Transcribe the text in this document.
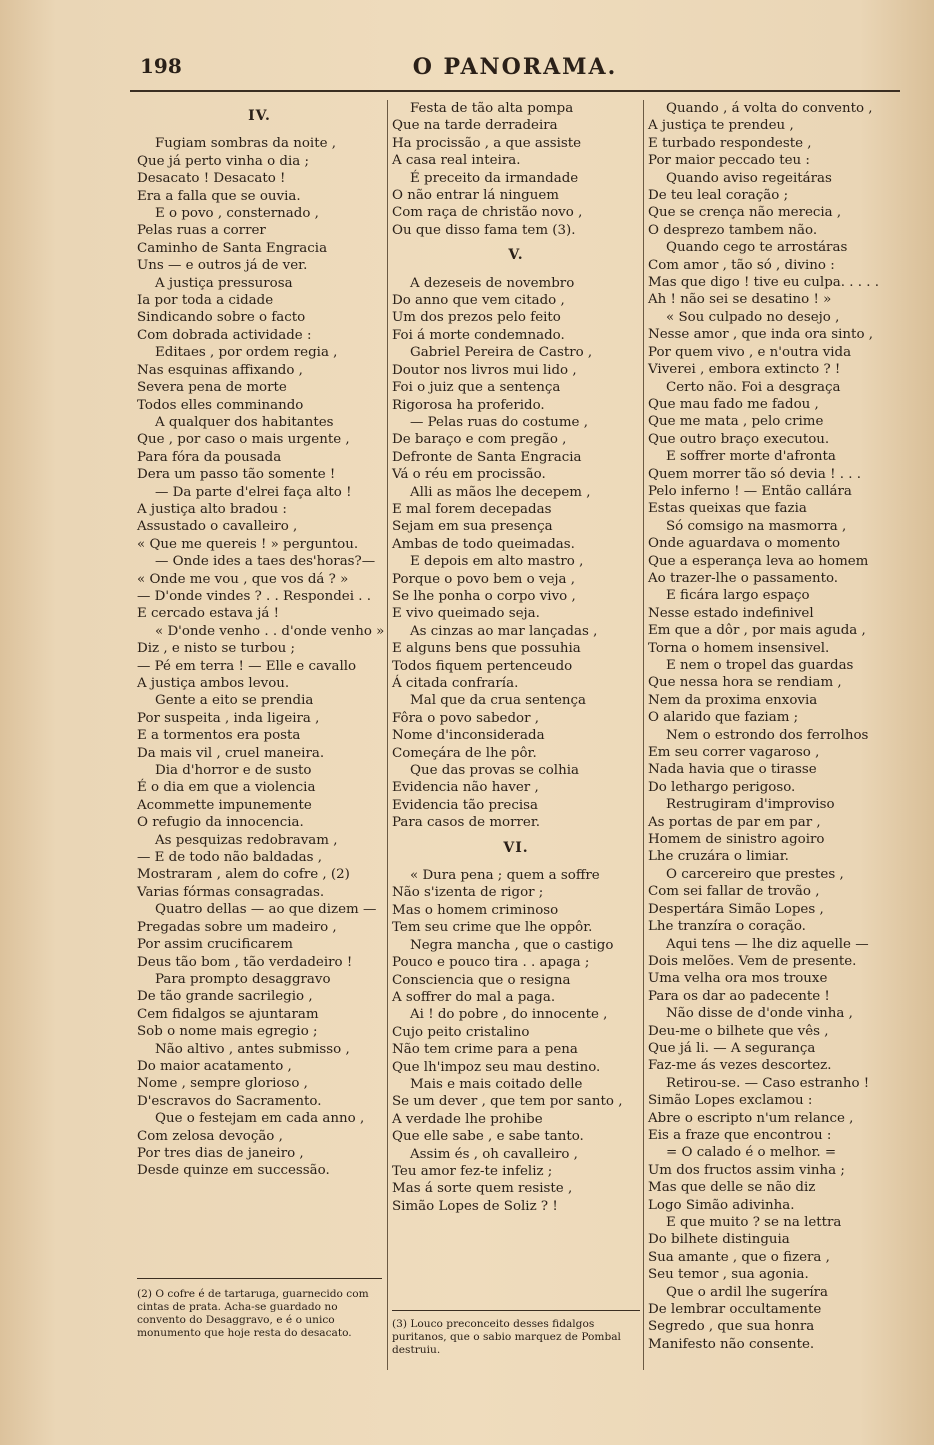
198	O PANORAMA.
IV.
Fugiam sombras da noite ,
Que já perto vinha o dia ;
Desacato ! Desacato !
Era a falla que se ouvia.
E o povo , consternado ,
Pelas ruas a correr
Caminho de Santa Engracia
Uns — e outros já de ver.
A justiça pressurosa
Ia por toda a cidade
Sindicando sobre o facto
Com dobrada actividade :
Editaes , por ordem regia ,
Nas esquinas affixando ,
Severa pena de morte
Todos elles comminando
A qualquer dos habitantes
Que , por caso o mais urgente ,
Para fóra da pousada
Dera um passo tão somente !
— Da parte d'elrei faça alto !
A justiça alto bradou :
Assustado o cavalleiro ,
« Que me quereis ! » perguntou.
— Onde ides a taes des'horas?—
« Onde me vou , que vos dá ? »
— D'onde vindes ? . . Respondei . .
E cercado estava já !
« D'onde venho . . d'onde venho »
Diz , e nisto se turbou ;
— Pé em terra ! — Elle e cavallo
A justiça ambos levou.
Gente a eito se prendia
Por suspeita , inda ligeira ,
E a tormentos era posta
Da mais vil , cruel maneira.
Dia d'horror e de susto
É o dia em que a violencia
Acommette impunemente
O refugio da innocencia.
As pesquizas redobravam ,
— E de todo não baldadas ,
Mostraram , alem do cofre , (2)
Varias fórmas consagradas.
Quatro dellas — ao que dizem —
Pregadas sobre um madeiro ,
Por assim crucificarem
Deus tão bom , tão verdadeiro !
Para prompto desaggravo
De tão grande sacrilegio ,
Cem fidalgos se ajuntaram
Sob o nome mais egregio ;
Não altivo , antes submisso ,
Do maior acatamento ,
Nome , sempre glorioso ,
D'escravos do Sacramento.
Que o festejam em cada anno ,
Com zelosa devoção ,
Por tres dias de janeiro ,
Desde quinze em successão.
Festa de tão alta pompa
Que na tarde derradeira
Ha procissão , a que assiste
A casa real inteira.
É preceito da irmandade
O não entrar lá ninguem
Com raça de christão novo ,
Ou que disso fama tem (3).
V.
A dezeseis de novembro
Do anno que vem citado ,
Um dos prezos pelo feito
Foi á morte condemnado.
Gabriel Pereira de Castro ,
Doutor nos livros mui lido ,
Foi o juiz que a sentença
Rigorosa ha proferido.
— Pelas ruas do costume ,
De baraço e com pregão ,
Defronte de Santa Engracia
Vá o réu em procissão.
Alli as mãos lhe decepem ,
E mal forem decepadas
Sejam em sua presença
Ambas de todo queimadas.
E depois em alto mastro ,
Porque o povo bem o veja ,
Se lhe ponha o corpo vivo ,
E vivo queimado seja.
As cinzas ao mar lançadas ,
E alguns bens que possuhia
Todos fiquem pertenceudo
Á citada confraría.
Mal que da crua sentença
Fôra o povo sabedor ,
Nome d'inconsiderada
Começára de lhe pôr.
Que das provas se colhia
Evidencia não haver ,
Evidencia tão precisa
Para casos de morrer.
VI.
« Dura pena ; quem a soffre
Não s'izenta de rigor ;
Mas o homem criminoso
Tem seu crime que lhe oppôr.
Negra mancha , que o castigo
Pouco e pouco tira . . apaga ;
Consciencia que o resigna
A soffrer do mal a paga.
Ai ! do pobre , do innocente ,
Cujo peito cristalino
Não tem crime para a pena
Que lh'impoz seu mau destino.
Mais e mais coitado delle
Se um dever , que tem por santo ,
A verdade lhe prohibe
Que elle sabe , e sabe tanto.
Assim és , oh cavalleiro ,
Teu amor fez-te infeliz ;
Mas á sorte quem resiste ,
Simão Lopes de Soliz ? !
Quando , á volta do convento ,
A justiça te prendeu ,
E turbado respondeste ,
Por maior peccado teu :
Quando aviso regeitáras
De teu leal coração ;
Que se crença não merecia ,
O desprezo tambem não.
Quando cego te arrostáras
Com amor , tão só , divino :
Mas que digo ! tive eu culpa. . . . .
Ah ! não sei se desatino ! »
« Sou culpado no desejo ,
Nesse amor , que inda ora sinto ,
Por quem vivo , e n'outra vida
Viverei , embora extincto ? !
Certo não. Foi a desgraça
Que mau fado me fadou ,
Que me mata , pelo crime
Que outro braço executou.
E soffrer morte d'afronta
Quem morrer tão só devia ! . . .
Pelo inferno ! — Então callára
Estas queixas que fazia
Só comsigo na masmorra ,
Onde aguardava o momento
Que a esperança leva ao homem
Ao trazer-lhe o passamento.
E ficára largo espaço
Nesse estado indefinivel
Em que a dôr , por mais aguda ,
Torna o homem insensivel.
E nem o tropel das guardas
Que nessa hora se rendiam ,
Nem da proxima enxovia
O alarido que faziam ;
Nem o estrondo dos ferrolhos
Em seu correr vagaroso ,
Nada havia que o tirasse
Do lethargo perigoso.
Restrugiram d'improviso
As portas de par em par ,
Homem de sinistro agoiro
Lhe cruzára o limiar.
O carcereiro que prestes ,
Com sei fallar de trovão ,
Despertára Simão Lopes ,
Lhe tranzíra o coração.
Aqui tens — lhe diz aquelle —
Dois melões. Vem de presente.
Uma velha ora mos trouxe
Para os dar ao padecente !
Não disse de d'onde vinha ,
Deu-me o bilhete que vês ,
Que já li. — A segurança
Faz-me ás vezes descortez.
Retirou-se. — Caso estranho !
Simão Lopes exclamou :
Abre o escripto n'um relance ,
Eis a fraze que encontrou :
= O calado é o melhor. =
Um dos fructos assim vinha ;
Mas que delle se não diz
Logo Simão adivinha.
E que muito ? se na lettra
Do bilhete distinguia
Sua amante , que o fizera ,
Seu temor , sua agonia.
Que o ardil lhe sugeríra
De lembrar occultamente
Segredo , que sua honra
Manifesto não consente.
(2) O cofre é de tartaruga, guarnecido com cintas de prata. Acha-se guardado no convento do Desaggravo, e é o unico monumento que hoje resta do desacato.
(3) Louco preconceito desses fidalgos puritanos, que o sabio marquez de Pombal destruiu.
